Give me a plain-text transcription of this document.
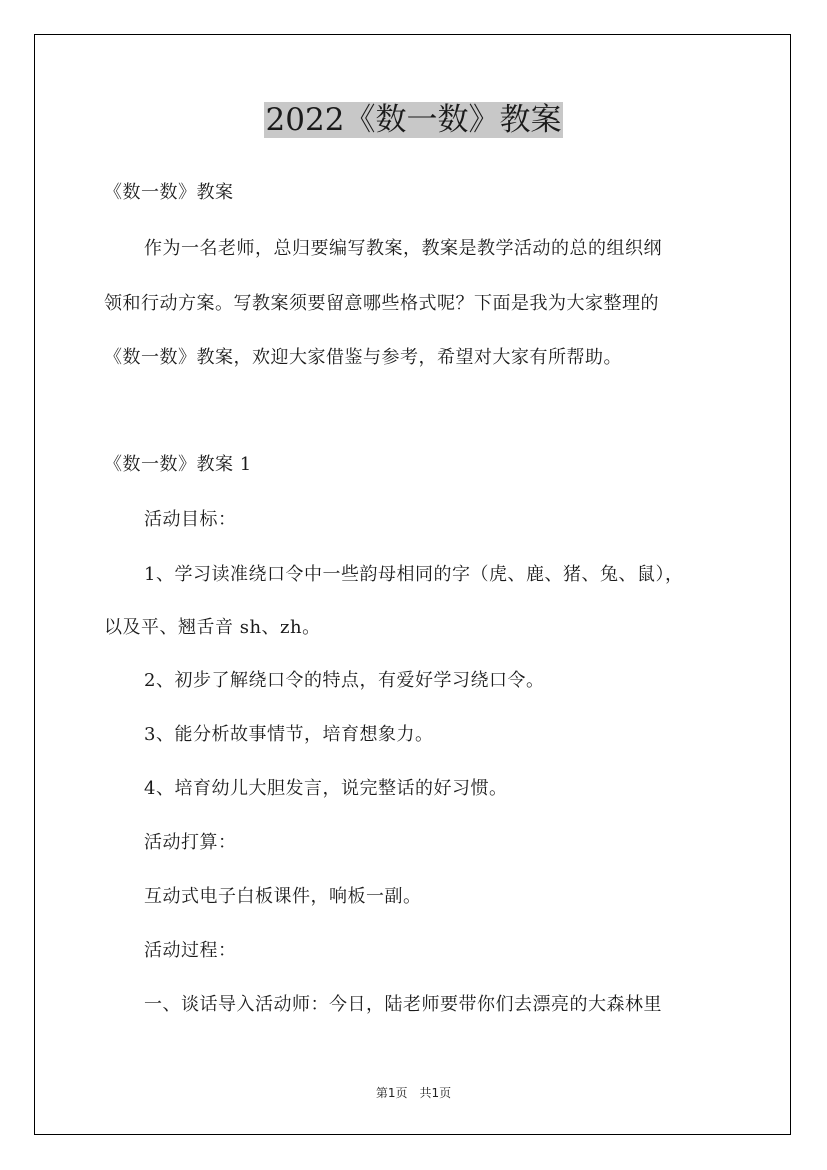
2022《数一数》教案
《数一数》教案
作为一名老师，总归要编写教案，教案是教学活动的总的组织纲
领和行动方案。写教案须要留意哪些格式呢？下面是我为大家整理的
《数一数》教案，欢迎大家借鉴与参考，希望对大家有所帮助。
《数一数》教案 1
活动目标：
1、学习读准绕口令中一些韵母相同的字（虎、鹿、猪、兔、鼠），
以及平、翘舌音 sh、zh。
2、初步了解绕口令的特点，有爱好学习绕口令。
3、能分析故事情节，培育想象力。
4、培育幼儿大胆发言，说完整话的好习惯。
活动打算：
互动式电子白板课件，响板一副。
活动过程：
一、谈话导入活动师：今日，陆老师要带你们去漂亮的大森林里
第1页　共1页
